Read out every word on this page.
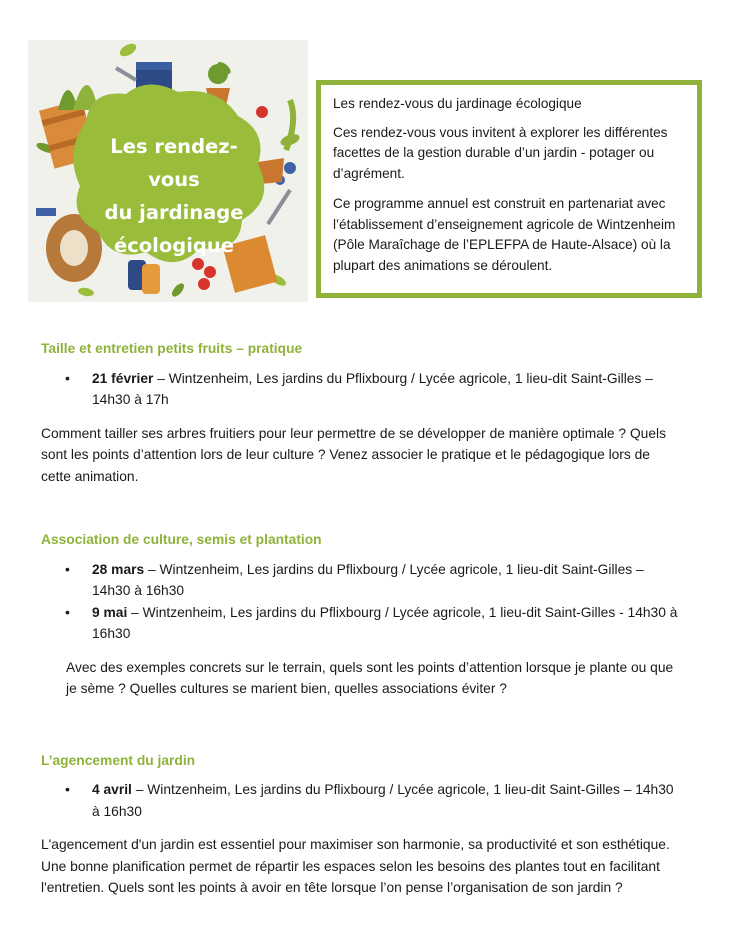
Les rendez-vous
du jardinage
écologique

Les rendez-vous du jardinage écologique

Ces rendez-vous vous invitent à explorer les différentes facettes de la gestion durable d’un jardin - potager ou d’agrément.

Ce programme annuel est construit en partenariat avec l’établissement d’enseignement agricole de Wintzenheim (Pôle Maraîchage de l’EPLEFPA de Haute-Alsace) où la plupart des animations se déroulent.

Taille et entretien petits fruits – pratique
• 21 février – Wintzenheim, Les jardins du Pflixbourg / Lycée agricole, 1 lieu-dit Saint-Gilles – 14h30 à 17h

Comment tailler ses arbres fruitiers pour leur permettre de se développer de manière optimale ? Quels sont les points d’attention lors de leur culture ? Venez associer le pratique et le pédagogique lors de cette animation.

Association de culture, semis et plantation
• 28 mars – Wintzenheim, Les jardins du Pflixbourg / Lycée agricole, 1 lieu-dit Saint-Gilles – 14h30 à 16h30
• 9 mai – Wintzenheim, Les jardins du Pflixbourg / Lycée agricole, 1 lieu-dit Saint-Gilles - 14h30 à 16h30

Avec des exemples concrets sur le terrain, quels sont les points d’attention lorsque je plante ou que je sème ? Quelles cultures se marient bien, quelles associations éviter ?

L’agencement du jardin
• 4 avril – Wintzenheim, Les jardins du Pflixbourg / Lycée agricole, 1 lieu-dit Saint-Gilles – 14h30 à 16h30

L'agencement d'un jardin est essentiel pour maximiser son harmonie, sa productivité et son esthétique. Une bonne planification permet de répartir les espaces selon les besoins des plantes tout en facilitant l'entretien. Quels sont les points à avoir en tête lorsque l’on pense l’organisation de son jardin ?
